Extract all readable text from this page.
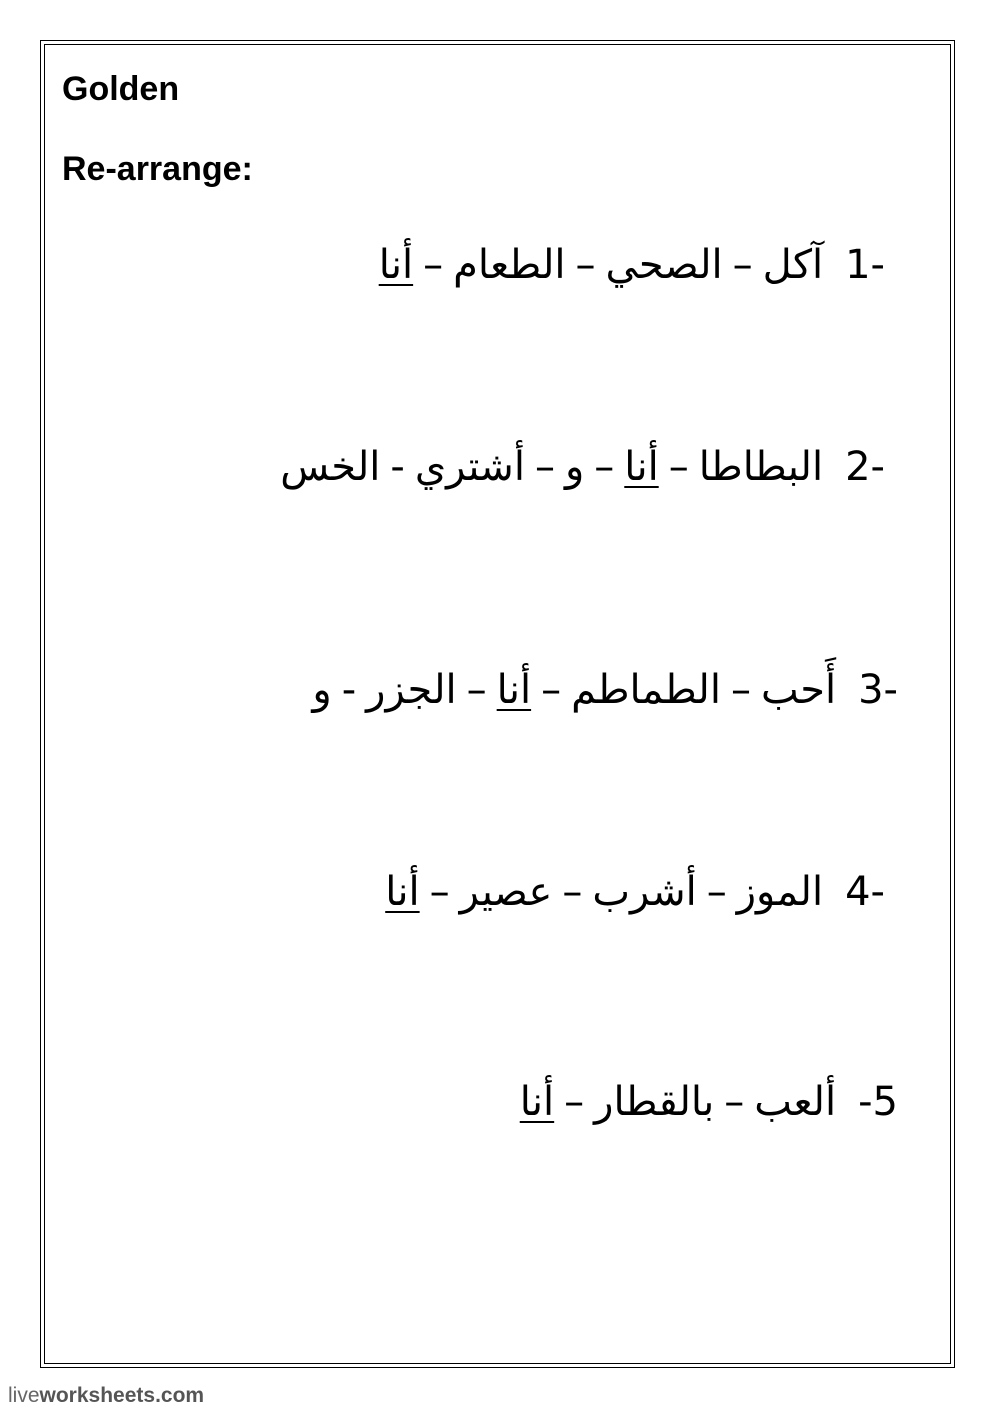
Golden
Re-arrange:
1-آكل–الصحي–الطعام–أنا
2-البطاطا–أنا–و–أشتري-الخس
3-أَحب–الطماطم–أنا–الجزر-و
4-الموز–أشرب–عصير–أنا
-5ألعب–بالقطار–أنا
liveworksheets.com
